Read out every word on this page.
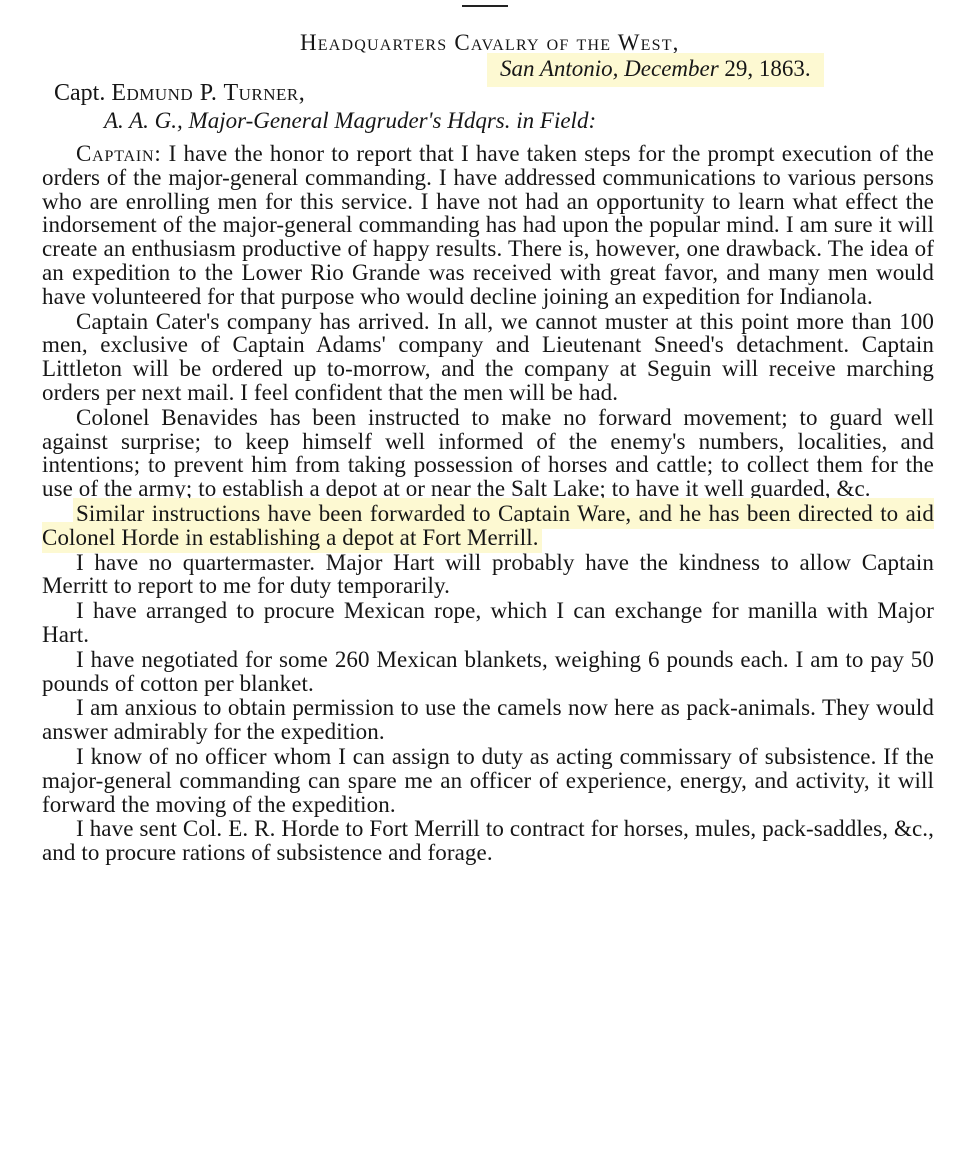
Headquarters Cavalry of the West,
San Antonio, December 29, 1863.
Capt. Edmund P. Turner,
A. A. G., Major-General Magruder's Hdqrs. in Field:

Captain: I have the honor to report that I have taken steps for the prompt execution of the orders of the major-general commanding. I have addressed communications to various persons who are enrolling men for this service. I have not had an opportunity to learn what effect the indorsement of the major-general commanding has had upon the popular mind. I am sure it will create an enthusiasm productive of happy results. There is, however, one drawback. The idea of an expedition to the Lower Rio Grande was received with great favor, and many men would have volunteered for that purpose who would decline joining an expedition for Indianola.

Captain Cater's company has arrived. In all, we cannot muster at this point more than 100 men, exclusive of Captain Adams' company and Lieutenant Sneed's detachment. Captain Littleton will be ordered up to-morrow, and the company at Seguin will receive marching orders per next mail. I feel confident that the men will be had.

Colonel Benavides has been instructed to make no forward movement; to guard well against surprise; to keep himself well informed of the enemy's numbers, localities, and intentions; to prevent him from taking possession of horses and cattle; to collect them for the use of the army; to establish a depot at or near the Salt Lake; to have it well guarded, &c.

Similar instructions have been forwarded to Captain Ware, and he has been directed to aid Colonel Horde in establishing a depot at Fort Merrill.

I have no quartermaster. Major Hart will probably have the kindness to allow Captain Merritt to report to me for duty temporarily.

I have arranged to procure Mexican rope, which I can exchange for manilla with Major Hart.

I have negotiated for some 260 Mexican blankets, weighing 6 pounds each. I am to pay 50 pounds of cotton per blanket.

I am anxious to obtain permission to use the camels now here as pack-animals. They would answer admirably for the expedition.

I know of no officer whom I can assign to duty as acting commissary of subsistence. If the major-general commanding can spare me an officer of experience, energy, and activity, it will forward the moving of the expedition.

I have sent Col. E. R. Horde to Fort Merrill to contract for horses, mules, pack-saddles, &c., and to procure rations of subsistence and forage.
